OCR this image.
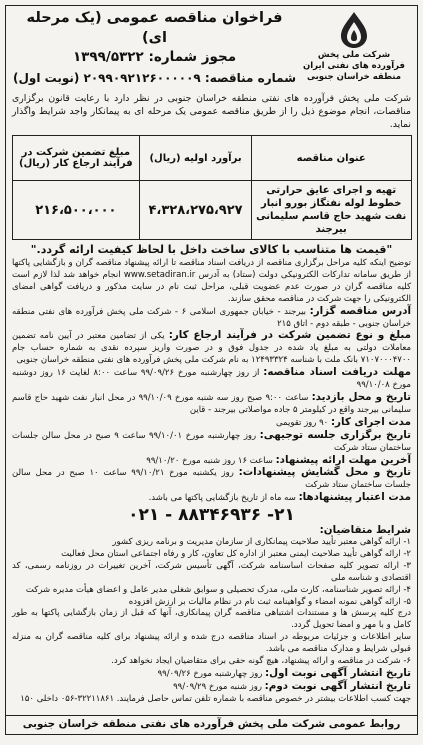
شرکت ملی پخش
فرآورده های نفتی ایران
منطقه خراسان جنوبی
فراخوان مناقصه عمومی (یک مرحله ای)
مجوز شماره: ۱۳۹۹/۵۳۲۲
شماره مناقصه: ۲۰۹۹۰۹۲۱۲۶۰۰۰۰۰۹ (نوبت اول)
شرکت ملی پخش فرآورده های نفتی منطقه خراسان جنوبی در نظر دارد با رعایت قانون برگزاری مناقصات، انجام موضوع ذیل را از طریق مناقصه عمومی یک مرحله ای به پیمانکار واجد شرایط واگذار نماید.
عنوان مناقصه	برآورد اولیه (ریال)	مبلغ تضمین شرکت در فرآیند ارجاع کار (ریال)
تهیه و اجرای عایق حرارتی خطوط لوله نفتگاز بورو انبار نفت شهید حاج قاسم سلیمانی بیرجند	۴،۳۲۸،۲۷۵،۹۲۷	۲۱۶،۵۰۰،۰۰۰
"قیمت ها متناسب با کالای ساخت داخل با لحاظ کیفیت ارائه گردد."

توضیح اینکه کلیه مراحل برگزاری مناقصه از دریافت اسناد مناقصه تا ارائه پیشنهاد مناقصه گران و بازگشایی پاکتها از طریق سامانه تدارکات الکترونیکی دولت (ستاد) به آدرس www.setadiran.ir انجام خواهد شد لذا لازم است کلیه مناقصه گران در صورت عدم عضویت قبلی، مراحل ثبت نام در سایت مذکور و دریافت گواهی امضای الکترونیکی را جهت شرکت در مناقصه محقق سازند.

آدرس مناقصه گزار: بیرجند - خیابان جمهوری اسلامی ۶ - شرکت ملی پخش فرآورده های نفتی منطقه خراسان جنوبی - طبقه دوم - اتاق ۲۱۵

مبلغ و نوع تضمین شرکت در فرآیند ارجاع کار: یکی از تضامین معتبر در آیین نامه تضمین معاملات دولتی به مبلغ یاد شده در جدول فوق و در صورت واریز سپرده نقدی به شماره حساب جام ۷۱۰۷۰۰۰۴۷۰۰ بانک ملت با شناسه ۱۲۴۹۳۳۲۴ به نام شرکت ملی پخش فرآورده های نفتی منطقه خراسان جنوبی

مهلت دریافت اسناد مناقصه: از روز چهارشنبه مورخ ۹۹/۰۹/۲۶ ساعت ۸:۰۰ لغایت ۱۶ روز دوشنبه مورخ ۹۹/۱۰/۰۸

تاریخ و محل بازدید: ساعت ۹:۰۰ صبح روز سه شنبه مورخ ۹۹/۱۰/۰۹ در محل انبار نفت شهید حاج قاسم سلیمانی بیرجند واقع در کیلومتر ۵ جاده مواصلاتی بیرجند - قاین

مدت اجرای کار: ۹۰ روز تقویمی

تاریخ برگزاری جلسه توجیهی: روز چهارشنبه مورخ ۹۹/۱۰/۰۱ ساعت ۹ صبح در محل سالن جلسات ساختمان ستاد شرکت

آخرین مهلت ارائه پیشنهاد: ساعت ۱۶ روز شنبه مورخ ۹۹/۱۰/۲۰

تاریخ و محل گشایش پیشنهادات: روز یکشنبه مورخ ۹۹/۱۰/۲۱ ساعت ۱۰ صبح در محل سالن جلسات ساختمان ستاد شرکت

مدت اعتبار پیشنهادها: سه ماه از تاریخ بازگشایی پاکتها می باشد.

۰۲۱ - ۸۸۳۴۶۹۳۶ -۲۱

شرایط متقاضیان:

۱- ارائه گواهی معتبر تأیید صلاحیت پیمانکاری از سازمان مدیریت و برنامه ریزی کشور

۲- ارائه گواهی تأیید صلاحیت ایمنی معتبر از اداره کل تعاون، کار و رفاه اجتماعی استان محل فعالیت

۳- ارائه تصویر کلیه صفحات اساسنامه شرکت، آگهی تأسیس شرکت، آخرین تغییرات در روزنامه رسمی، کد اقتصادی و شناسه ملی

۴- ارائه تصویر شناسنامه، کارت ملی، مدرک تحصیلی و سوابق شغلی مدیر عامل و اعضای هیأت مدیره شرکت

۵- ارائه گواهی نمونه امضاء و گواهینامه ثبت نام در نظام مالیات بر ارزش افزوده

درج کلیه پرسش ها و مستندات اشتباهی مناقصه گران پیمانکاری، آنها که قبل از زمان بازگشایی پاکتها به طور کامل و با مهر و امضا تحویل گردد.

سایر اطلاعات و جزئیات مربوطه در اسناد مناقصه درج شده و ارائه پیشنهاد برای کلیه مناقصه گران به منزله قبولی شرایط و مدارک مناقصه می باشد.

۶- شرکت در مناقصه و ارائه پیشنهاد، هیچ گونه حقی برای متقاضیان ایجاد نخواهد کرد.

تاریخ انتشار آگهی نوبت اول: روز چهارشنبه مورخ ۹۹/۰۹/۲۶

تاریخ انتشار آگهی نوبت دوم: روز شنبه مورخ ۹۹/۰۹/۲۹

جهت کسب اطلاعات بیشتر در خصوص مناقصه با شماره تلفن تماس حاصل فرمایند. ۳۲۲۱۱۸۶۱-۰۵۶ داخلی ۱۵۰

روابط عمومی شرکت ملی پخش فرآورده های نفتی منطقه خراسان جنوبی
